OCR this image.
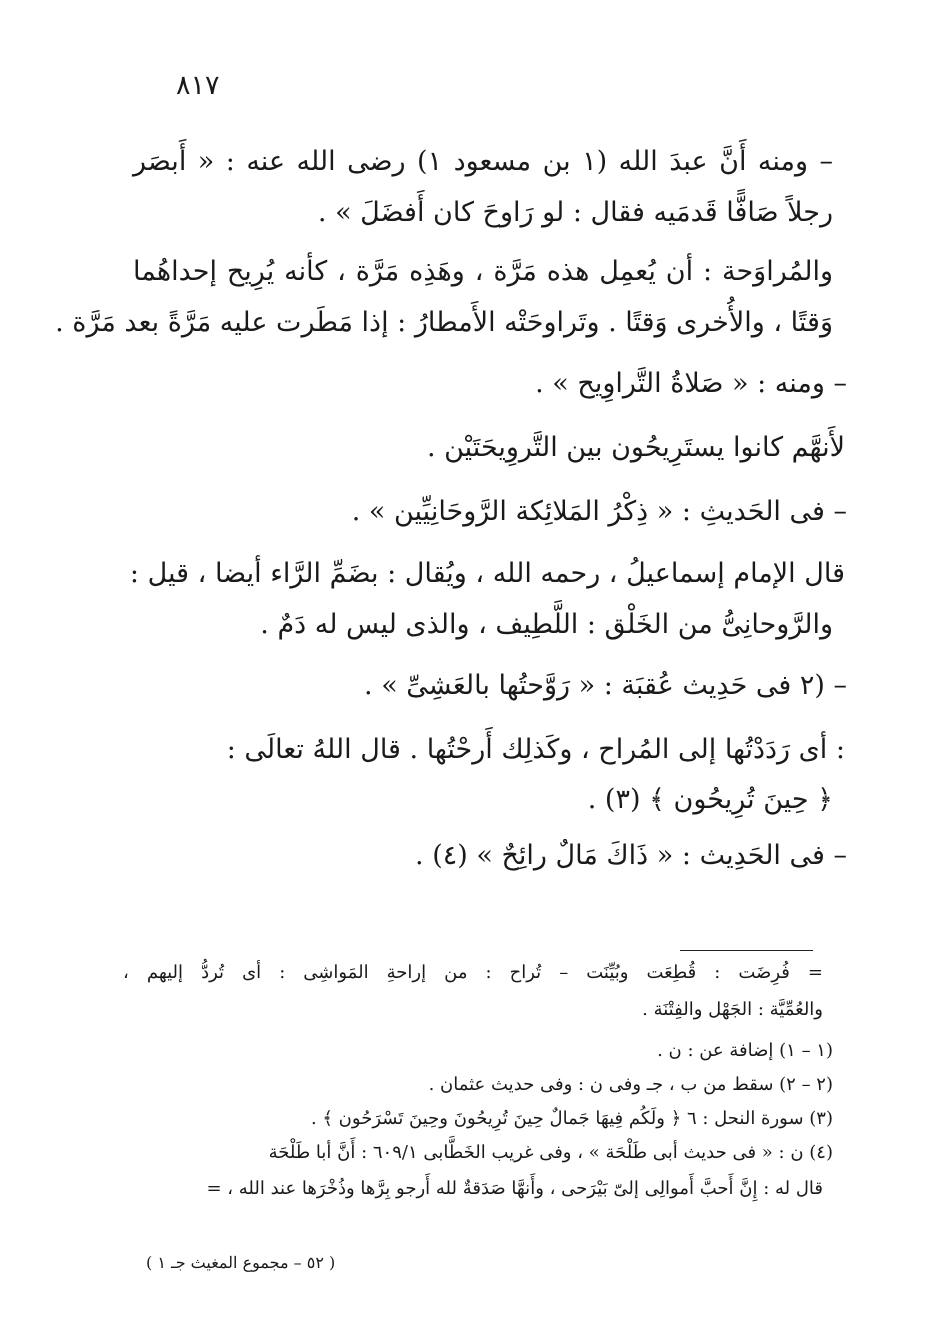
٨١٧
– ومنه أَنَّ عبدَ الله (١ بن مسعود ١) رضى الله عنه : « أَبصَر
رجلاً صَافًّا قَدمَيه فقال : لو رَاوحَ كان أَفضَلَ » .
والمُراوَحة : أن يُعمِل هذه مَرَّة ، وهَذِه مَرَّة ، كأنه يُرِيح إحداهُما
وَقتًا ، والأُخرى وَقتًا . وتَراوحَتْه الأَمطارُ : إذا مَطَرت عليه مَرَّةً بعد مَرَّة .
– ومنه : « صَلاةُ التَّراوِيح » .
لأَنهَّم كانوا يستَرِيحُون بين التَّروِيحَتَيْن .
– فى الحَديثِ : « ذِكْرُ المَلائِكة الرَّوحَانِيِّين » .
قال الإمام إسماعيلُ ، رحمه الله ، ويُقال : بضَمِّ الرَّاء أيضا ، قيل :
والرَّوحانِىُّ من الخَلْق : اللَّطِيف ، والذى ليس له دَمٌ .
– (٢ فى حَدِيث عُقبَة : « رَوَّحتُها بالعَشِىِّ » .
: أى رَدَدْتُها إلى المُراح ، وكَذلِك أَرحْتُها . قال اللهُ تعالَى :
﴿ حِينَ تُرِيحُون ﴾ (٣) .
– فى الحَدِيث : « ذَاكَ مَالٌ رائِحٌ » (٤) .
= فُرِضَت : قُطِعَت وبُيِّنَت – تُراح : من إراحةِ المَواشِى : أى تُردُّ إليهم ،
والعُمِّيَّة : الجَهْل والفِتْنَة .
(١ – ١) إضافة عن : ن .
(٢ – ٢) سقط من ب ، جـ وفى ن : وفى حديث عثمان .
(٣) سورة النحل : ٦ ﴿ ولَكُم فِيهَا جَمالٌ حِينَ تُرِيحُونَ وحِينَ تَسْرَحُون ﴾ .
(٤) ن : « فى حديث أبى طَلْحَة » ، وفى غريب الخَطَّابى ٦٠٩/١ : أَنَّ أبا طَلْحَة
قال له : إِنَّ أَحبَّ أَموالِى إلىّ بَيْرَحى ، وأَنهَّا صَدَقةٌ لله أَرجو بِرَّها وذُخْرَها عند الله ، =
( ٥٢ – مجموع المغيث جـ ١ )
